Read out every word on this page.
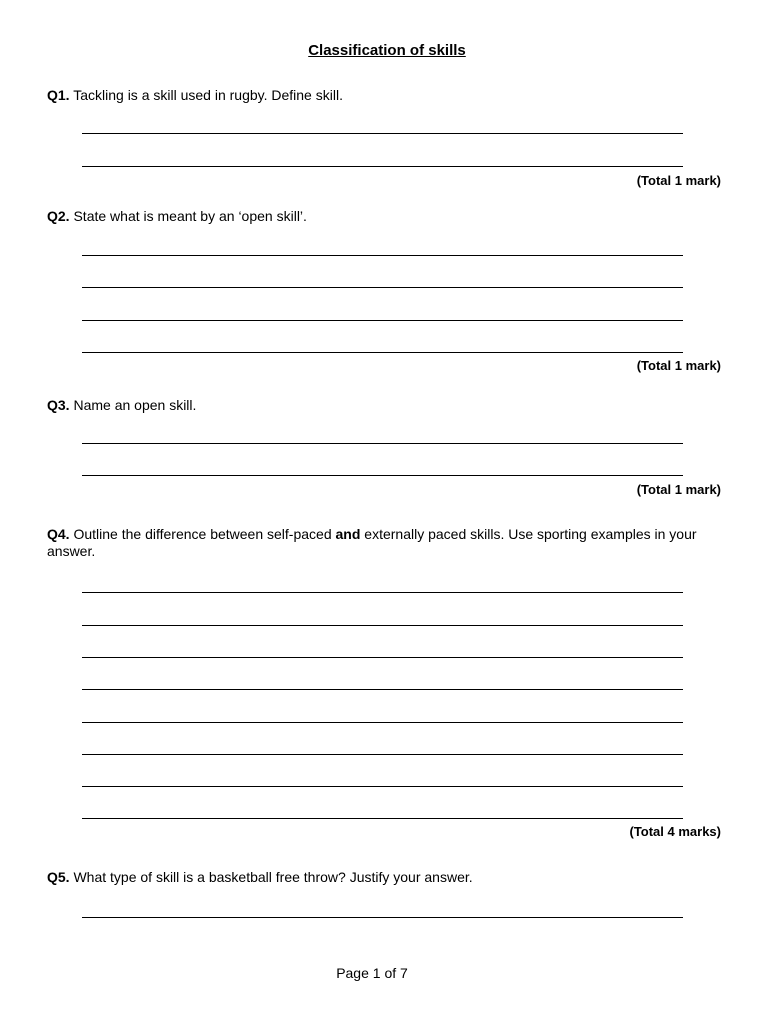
Classification of skills
Q1. Tackling is a skill used in rugby. Define skill.
(Total 1 mark)
Q2. State what is meant by an ‘open skill’.
(Total 1 mark)
Q3. Name an open skill.
(Total 1 mark)
Q4. Outline the difference between self-paced and externally paced skills. Use sporting examples in your answer.
(Total 4 marks)
Q5. What type of skill is a basketball free throw? Justify your answer.
Page 1 of 7
